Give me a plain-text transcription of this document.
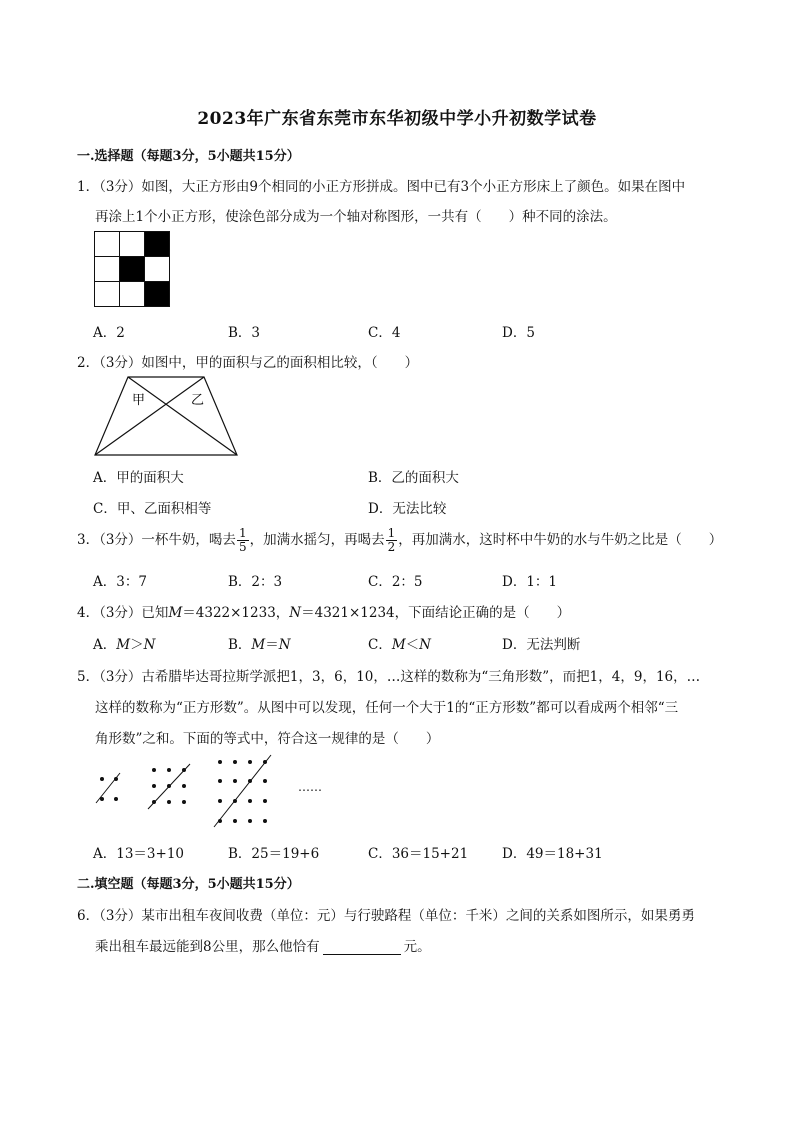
2023年广东省东莞市东华初级中学小升初数学试卷
一.选择题（每题3分，5小题共15分）
1．（3分）如图，大正方形由9个相同的小正方形拼成。图中已有3个小正方形床上了颜色。如果在图中
再涂上1个小正方形，使涂色部分成为一个轴对称图形，一共有（　　）种不同的涂法。

A．2	B．3	C．4	D．5
2．（3分）如图中，甲的面积与乙的面积相比较，（　　）
甲	乙
A．甲的面积大	B．乙的面积大
C．甲、乙面积相等	D．无法比较
3．（3分）一杯牛奶，喝去 $\frac{1}{5}$ ，加满水摇匀，再喝去 $\frac{1}{2}$ ，再加满水，这时杯中牛奶的水与牛奶之比是（　　）
A．3：7	B．2：3	C．2：5	D．1：1
4．（3分）已知M＝4322×1233，N＝4321×1234，下面结论正确的是（　　）
A．M＞N	B．M＝N	C．M＜N	D．无法判断
5．（3分）古希腊毕达哥拉斯学派把1，3，6，10，…这样的数称为“三角形数”，而把1，4，9，16，…
这样的数称为“正方形数”。从图中可以发现，任何一个大于1的“正方形数”都可以看成两个相邻“三
角形数”之和。下面的等式中，符合这一规律的是（　　）
……
A．13＝3+10	B．25＝19+6	C．36＝15+21	D．49＝18+31
二.填空题（每题3分，5小题共15分）
6．（3分）某市出租车夜间收费（单位：元）与行驶路程（单位：千米）之间的关系如图所示，如果勇勇
乘出租车最远能到8公里，那么他恰有	元。
